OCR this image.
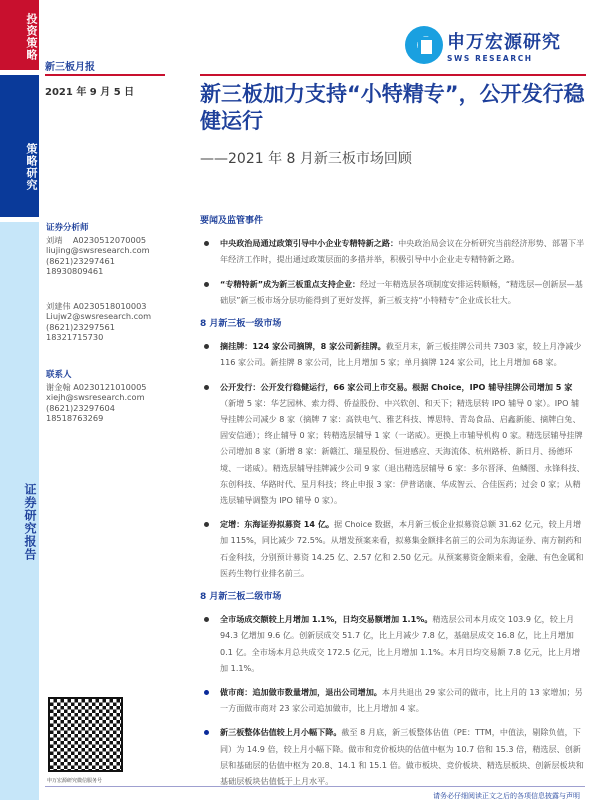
投资策略
策略研究
证券研究报告
申万宏源研究
SWS RESEARCH
新三板月报
2021 年 9 月 5 日	新三板加力支持“小特精专”，公开发行稳健运行
——2021 年 8 月新三板市场回顾
证券分析师
刘靖 A0230512070005
liujing@swsresearch.com
(8621)23297461
18930809461
刘建伟 A0230518010003
Liujw2@swsresearch.com
(8621)23297561
18321715730
联系人
谢金翰 A0230121010005
xiejh@swsresearch.com
(8621)23297604
18518763269
申万宏源研究微信服务号
要闻及监管事件
中央政治局通过政策引导中小企业专精特新之路：中央政治局会议在分析研究当前经济形势、部署下半年经济工作时，提出通过政策层面的多措并举，积极引导中小企业走专精特新之路。
“专精特新”成为新三板重点支持企业：经过一年精选层各项制度安排运转顺畅，“精选层—创新层—基础层”新三板市场分层功能得到了更好发挥，新三板支持“小特精专”企业成长壮大。
8 月新三板一级市场
摘挂牌：124 家公司摘牌，8 家公司新挂牌。截至月末，新三板挂牌公司共 7303 家，较上月净减少 116 家公司。新挂牌 8 家公司，比上月增加 5 家；单月摘牌 124 家公司，比上月增加 68 家。
公开发行：公开发行稳健运行，66 家公司上市交易。根据 Choice，IPO 辅导挂牌公司增加 5 家（新增 5 家：华艺园林、索力得、侨益股份、中兴软创、和天下；精选层转 IPO 辅导 0 家）。IPO 辅导挂牌公司减少 8 家（摘牌 7 家：高铁电气、雅艺科技、博思特、青岛食品、启鑫新能、摘牌白兔、固安信通）；终止辅导 0 家；转精选层辅导 1 家（一诺威）。更换上市辅导机构 0 家。精选层辅导挂牌公司增加 8 家（新增 8 家：新赣江、瑞星股份、恒进感应、天海流体、杭州路桥、新日月、扬德环境、一诺威）。精选层辅导挂牌减少公司 9 家（退出精选层辅导 6 家：多尔晋泽、鱼鳞图、永锋科技、东创科技、华路时代、星月科技；终止申报 3 家：伊普诺康、华成智云、合佳医药；过会 0 家；从精选层辅导调整为 IPO 辅导 0 家）。
定增：东海证券拟募资 14 亿。据 Choice 数据，本月新三板企业拟募资总额 31.62 亿元，较上月增加 115%，同比减少 72.5%。从增发预案来看，拟募集金额排名前三的公司为东海证券、南方制药和石金科技，分别预计募资 14.25 亿、2.57 亿和 2.50 亿元。从预案募资金额来看，金融、有色金属和医药生物行业排名前三。
8 月新三板二级市场
全市场成交额较上月增加 1.1%，日均交易额增加 1.1%。精选层公司本月成交 103.9 亿，较上月 94.3 亿增加 9.6 亿。创新层成交 51.7 亿，比上月减少 7.8 亿，基础层成交 16.8 亿，比上月增加 0.1 亿。全市场本月总共成交 172.5 亿元，比上月增加 1.1%。本月日均交易额 7.8 亿元，比上月增加 1.1%。
做市商：追加做市数量增加，退出公司增加。本月共退出 29 家公司的做市，比上月的 13 家增加；另一方面做市商对 23 家公司追加做市，比上月增加 4 家。
新三板整体估值较上月小幅下降。截至 8 月底，新三板整体估值（PE：TTM，中值法，剔除负值，下同）为 14.9 倍，较上月小幅下降。做市和竞价板块的估值中枢为 10.7 倍和 15.3 倍，精选层、创新层和基础层的估值中枢为 20.8、14.1 和 15.1 倍。做市板块、竞价板块、精选层板块、创新层板块和基础层板块估值低于上月水平。
请务必仔细阅读正文之后的各项信息披露与声明
